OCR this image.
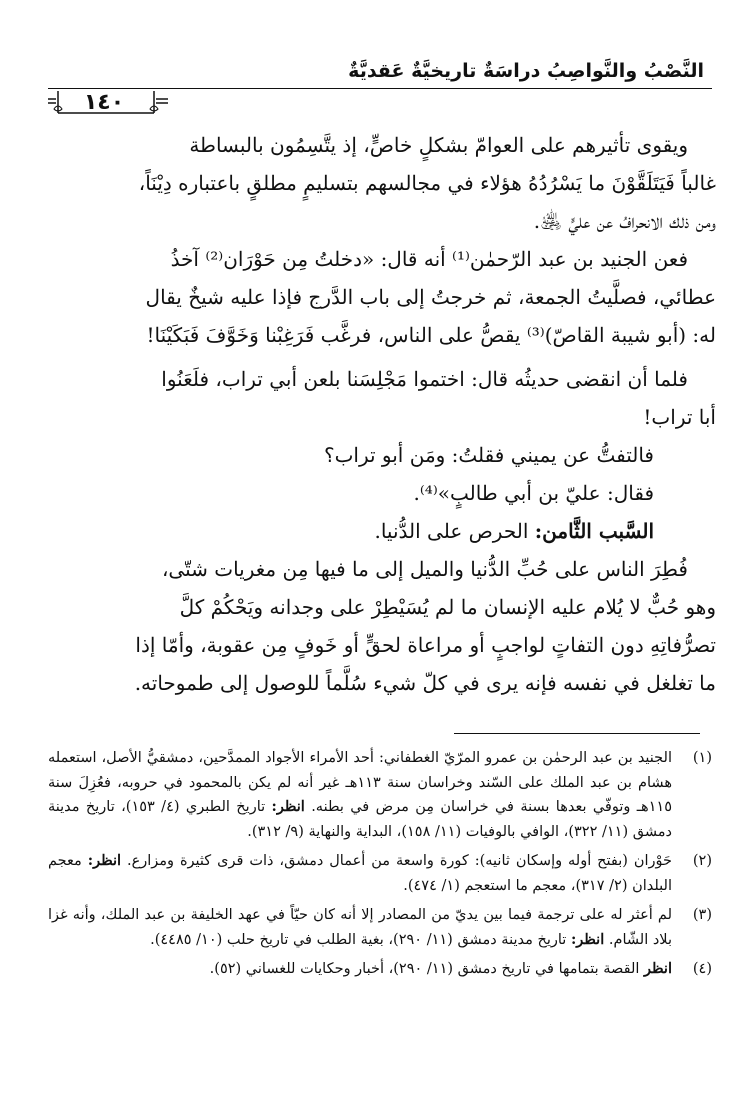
النَّصْبُ والنَّواصِبُ دراسَةٌ تاريخيَّةٌ عَقديَّةٌ
١٤٠

ويقوى تأثيرهم على العوامّ بشكلٍ خاصٍّ، إذ يتَّسِمُون بالبساطة

غالباً فَيَتَلَقَّوْنَ ما يَسْرُدُهُ هؤلاء في مجالسهم بتسليمٍ مطلقٍ باعتباره دِيْنَاً،

ومن ذلك الانحرافُ عن عليٍّ ﵁.

فعن الجنيد بن عبد الرّحمٰن⁽¹⁾ أنه قال: «دخلتُ مِن حَوْرَان⁽²⁾ آخذُ

عطائي، فصلَّيتُ الجمعة، ثم خرجتُ إلى باب الدَّرج فإذا عليه شيخٌ يقال

له: (أبو شيبة القاصّ)⁽³⁾ يقصُّ على الناس، فرغَّب فَرَغِبْنا وَخَوَّفَ فَبَكَيْنَا!

فلما أن انقضى حديثُه قال: اختموا مَجْلِسَنا بلعن أبي تراب، فلَعَنُوا

أبا تراب!

فالتفتُّ عن يميني فقلتُ: ومَن أبو تراب؟

فقال: عليّ بن أبي طالبٍ»⁽⁴⁾.

السَّبب الثَّامن: الحرص على الدُّنيا.

فُطِرَ الناس على حُبِّ الدُّنيا والميل إلى ما فيها مِن مغريات شتّى،

وهو حُبٌّ لا يُلام عليه الإنسان ما لم يُسَيْطِرْ على وجدانه ويَحْكُمْ كلَّ

تصرُّفاتِهِ دون التفاتٍ لواجبٍ أو مراعاة لحقٍّ أو خَوفٍ مِن عقوبة، وأمّا إذا

ما تغلغل في نفسه فإنه يرى في كلّ شيء سُلَّماً للوصول إلى طموحاته.

(١)
الجنيد بن عبد الرحمٰن بن عمرو المرّيّ الغطفاني: أحد الأمراء الأجواد الممدَّحين، دمشقيُّ الأصل، استعمله هشام بن عبد الملك على السّند وخراسان سنة ١١٣هـ غير أنه لم يكن بالمحمود في حروبه، فعُزِلَ سنة ١١٥هـ وتوفّي بعدها بسنة في خراسان مِن مرض في بطنه. انظر: تاريخ الطبري (٤/ ١٥٣)، تاريخ مدينة دمشق (١١/ ٣٢٢)، الوافي بالوفيات (١١/ ١٥٨)، البداية والنهاية (٩/ ٣١٢).
(٢)
حَوْران (بفتح أوله وإسكان ثانيه): كورة واسعة من أعمال دمشق، ذات قرى كثيرة ومزارع. انظر: معجم البلدان (٢/ ٣١٧)، معجم ما استعجم (١/ ٤٧٤).
(٣)
لم أعثر له على ترجمة فيما بين يديّ من المصادر إلا أنه كان حيّاً في عهد الخليفة بن عبد الملك، وأنه غزا بلاد الشّام. انظر: تاريخ مدينة دمشق (١١/ ٢٩٠)، بغية الطلب في تاريخ حلب (١٠/ ٤٤٨٥).
(٤)
انظر القصة بتمامها في تاريخ دمشق (١١/ ٢٩٠)، أخبار وحكايات للغساني (٥٢).
